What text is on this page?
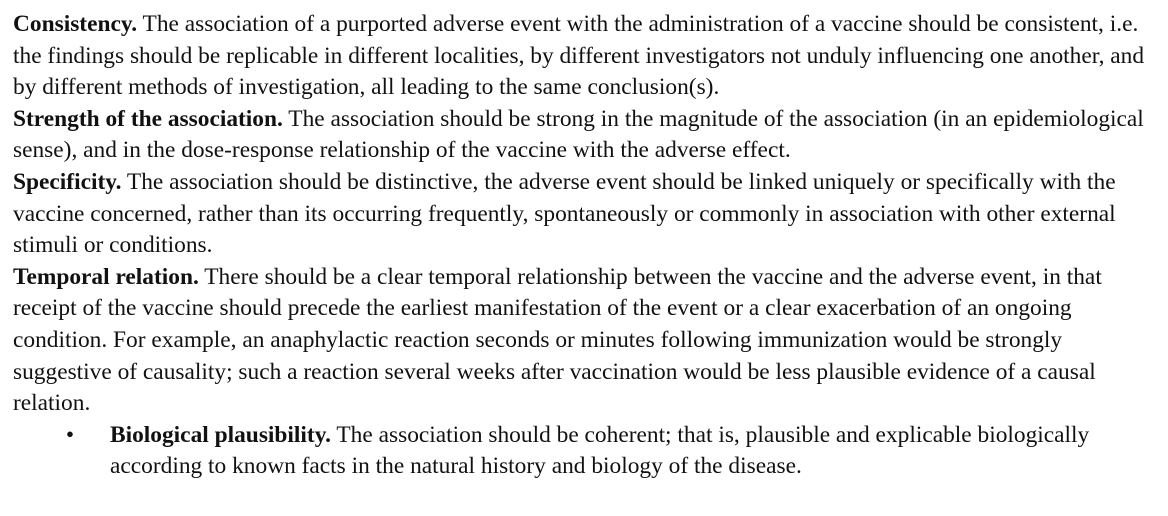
Consistency. The association of a purported adverse event with the administration of a vaccine should be consistent, i.e. the findings should be replicable in different localities, by different investigators not unduly influencing one another, and by different methods of investigation, all leading to the same conclusion(s).

Strength of the association. The association should be strong in the magnitude of the association (in an epidemiological sense), and in the dose-response relationship of the vaccine with the adverse effect.

Specificity. The association should be distinctive, the adverse event should be linked uniquely or specifically with the vaccine concerned, rather than its occurring frequently, spontaneously or commonly in association with other external stimuli or conditions.

Temporal relation. There should be a clear temporal relationship between the vaccine and the adverse event, in that receipt of the vaccine should precede the earliest manifestation of the event or a clear exacerbation of an ongoing condition. For example, an anaphylactic reaction seconds or minutes following immunization would be strongly suggestive of causality; such a reaction several weeks after vaccination would be less plausible evidence of a causal relation.

• Biological plausibility. The association should be coherent; that is, plausible and explicable biologically according to known facts in the natural history and biology of the disease.
